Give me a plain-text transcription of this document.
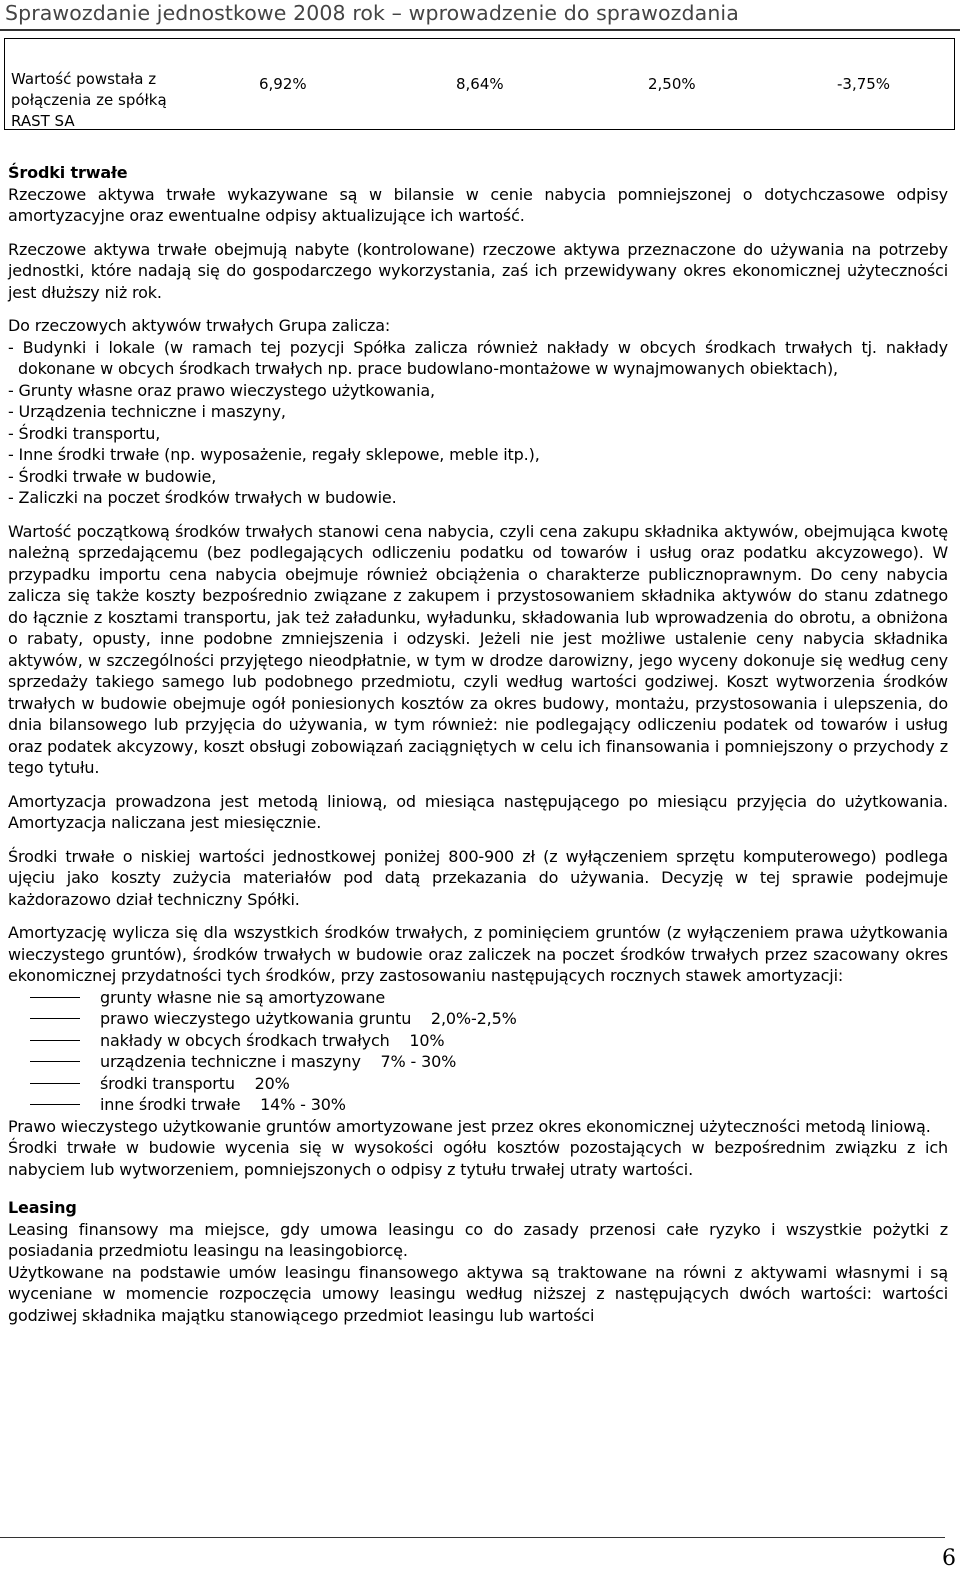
Sprawozdanie jednostkowe 2008 rok – wprowadzenie do sprawozdania
Wartość powstała z połączenia ze spółką RAST SA
6,92%	8,64%	2,50%	-3,75%

Środki trwałe

Rzeczowe aktywa trwałe wykazywane są w bilansie w cenie nabycia pomniejszonej o dotychczasowe odpisy amortyzacyjne oraz ewentualne odpisy aktualizujące ich wartość.

Rzeczowe aktywa trwałe obejmują nabyte (kontrolowane) rzeczowe aktywa przeznaczone do używania na potrzeby jednostki, które nadają się do gospodarczego wykorzystania, zaś ich przewidywany okres ekonomicznej użyteczności jest dłuższy niż rok.

Do rzeczowych aktywów trwałych Grupa zalicza:

- Budynki i lokale (w ramach tej pozycji Spółka zalicza również nakłady w obcych środkach trwałych tj. nakłady dokonane w obcych środkach trwałych np. prace budowlano-montażowe w wynajmowanych obiektach),
- Grunty własne oraz prawo wieczystego użytkowania,
- Urządzenia techniczne i maszyny,
- Środki transportu,
- Inne środki trwałe (np. wyposażenie, regały sklepowe, meble itp.),
- Środki trwałe w budowie,
- Zaliczki na poczet środków trwałych w budowie.

Wartość początkową środków trwałych stanowi cena nabycia, czyli cena zakupu składnika aktywów, obejmująca kwotę należną sprzedającemu (bez podlegających odliczeniu podatku od towarów i usług oraz podatku akcyzowego). W przypadku importu cena nabycia obejmuje również obciążenia o charakterze publicznoprawnym. Do ceny nabycia zalicza się także koszty bezpośrednio związane z zakupem i przystosowaniem składnika aktywów do stanu zdatnego do łącznie z kosztami transportu, jak też załadunku, wyładunku, składowania lub wprowadzenia do obrotu, a obniżona o rabaty, opusty, inne podobne zmniejszenia i odzyski. Jeżeli nie jest możliwe ustalenie ceny nabycia składnika aktywów, w szczególności przyjętego nieodpłatnie, w tym w drodze darowizny, jego wyceny dokonuje się według ceny sprzedaży takiego samego lub podobnego przedmiotu, czyli według wartości godziwej. Koszt wytworzenia środków trwałych w budowie obejmuje ogół poniesionych kosztów za okres budowy, montażu, przystosowania i ulepszenia, do dnia bilansowego lub przyjęcia do używania, w tym również: nie podlegający odliczeniu podatek od towarów i usług oraz podatek akcyzowy, koszt obsługi zobowiązań zaciągniętych w celu ich finansowania i pomniejszony o przychody z tego tytułu.

Amortyzacja prowadzona jest metodą liniową, od miesiąca następującego po miesiącu przyjęcia do użytkowania. Amortyzacja naliczana jest miesięcznie.

Środki trwałe o niskiej wartości jednostkowej poniżej 800-900 zł (z wyłączeniem sprzętu komputerowego) podlega ujęciu jako koszty zużycia materiałów pod datą przekazania do używania. Decyzję w tej sprawie podejmuje każdorazowo dział techniczny Spółki.

Amortyzację wylicza się dla wszystkich środków trwałych, z pominięciem gruntów (z wyłączeniem prawa użytkowania wieczystego gruntów), środków trwałych w budowie oraz zaliczek na poczet środków trwałych przez szacowany okres ekonomicznej przydatności tych środków, przy zastosowaniu następujących rocznych stawek amortyzacji:

grunty własne nie są amortyzowane
prawo wieczystego użytkowania gruntu    2,0%-2,5%
nakłady w obcych środkach trwałych    10%
urządzenia techniczne i maszyny    7% - 30%
środki transportu    20%
inne środki trwałe    14% - 30%

Prawo wieczystego użytkowanie gruntów amortyzowane jest przez okres ekonomicznej użyteczności metodą liniową.

Środki trwałe w budowie wycenia się w wysokości ogółu kosztów pozostających w bezpośrednim związku z ich nabyciem lub wytworzeniem, pomniejszonych o odpisy z tytułu trwałej utraty wartości.

Leasing

Leasing finansowy ma miejsce, gdy umowa leasingu co do zasady przenosi całe ryzyko i wszystkie pożytki z posiadania przedmiotu leasingu na leasingobiorcę.

Użytkowane na podstawie umów leasingu finansowego aktywa są traktowane na równi z aktywami własnymi i są wyceniane w momencie rozpoczęcia umowy leasingu według niższej z następujących dwóch wartości: wartości godziwej składnika majątku stanowiącego przedmiot leasingu lub wartości

6
